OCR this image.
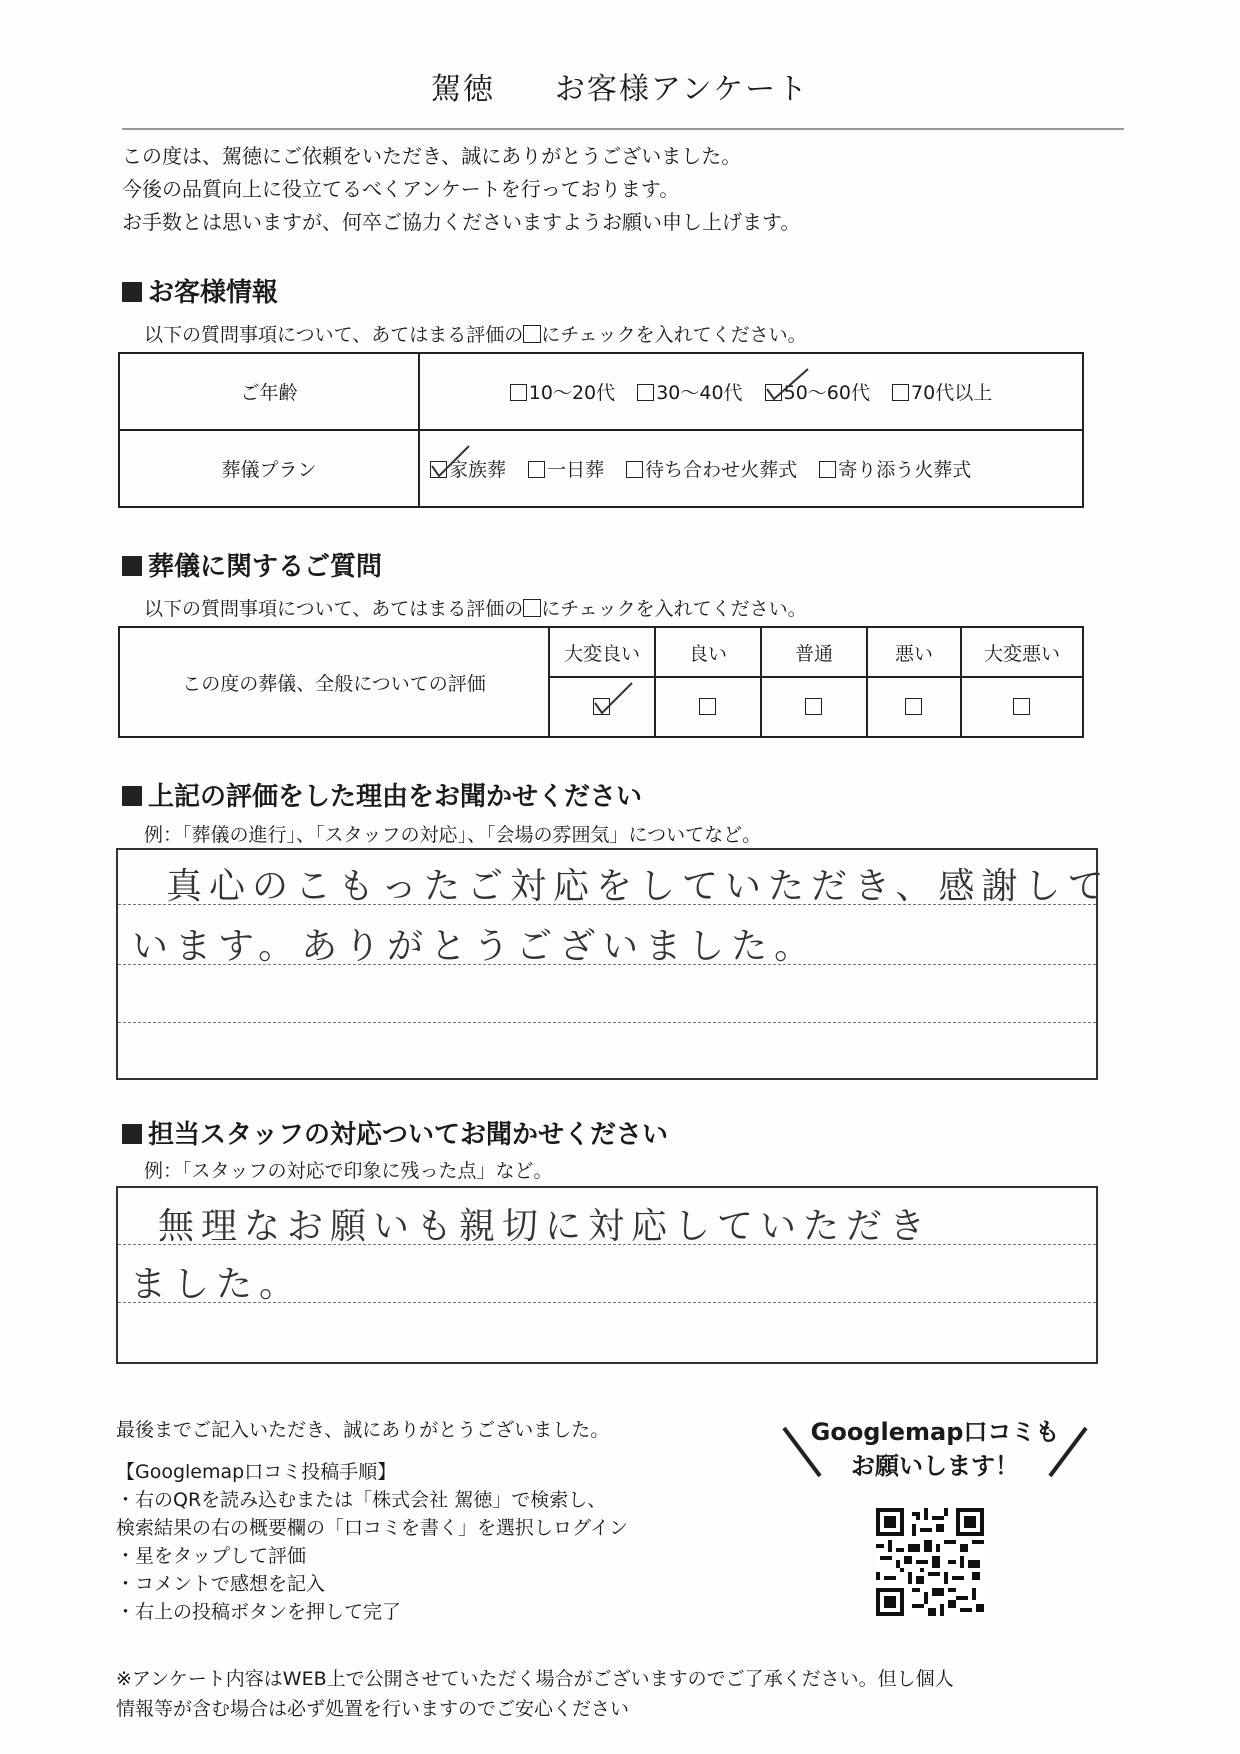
駕徳 お客様アンケート
この度は、駕徳にご依頼をいただき、誠にありがとうございました。
今後の品質向上に役立てるべくアンケートを行っております。
お手数とは思いますが、何卒ご協力くださいますようお願い申し上げます。
お客様情報
以下の質問事項について、あてはまる評価の にチェックを入れてください。
ご年齢	10～20代 30～40代 50～60代 70代以上
葬儀プラン	家族葬 一日葬 待ち合わせ火葬式 寄り添う火葬式
葬儀に関するご質問
以下の質問事項について、あてはまる評価の にチェックを入れてください。
この度の葬儀、全般についての評価	大変良い	良い	普通	悪い	大変悪い

上記の評価をした理由をお聞かせください
例：「葬儀の進行」、「スタッフの対応」、「会場の雰囲気」についてなど。
真心のこもったご対応をしていただき、感謝して
います。ありがとうございました。
担当スタッフの対応ついてお聞かせください
例：「スタッフの対応で印象に残った点」など。
無理なお願いも親切に対応していただき
ました。
最後までご記入いただき、誠にありがとうございました。
【Googlemap口コミ投稿手順】
・右のQRを読み込むまたは「株式会社 駕徳」で検索し、
検索結果の右の概要欄の「口コミを書く」を選択しログイン
・星をタップして評価
・コメントで感想を記入
・右上の投稿ボタンを押して完了
Googlemap口コミも
お願いします！
※アンケート内容はWEB上で公開させていただく場合がございますのでご了承ください。但し個人
情報等が含む場合は必ず処置を行いますのでご安心ください
